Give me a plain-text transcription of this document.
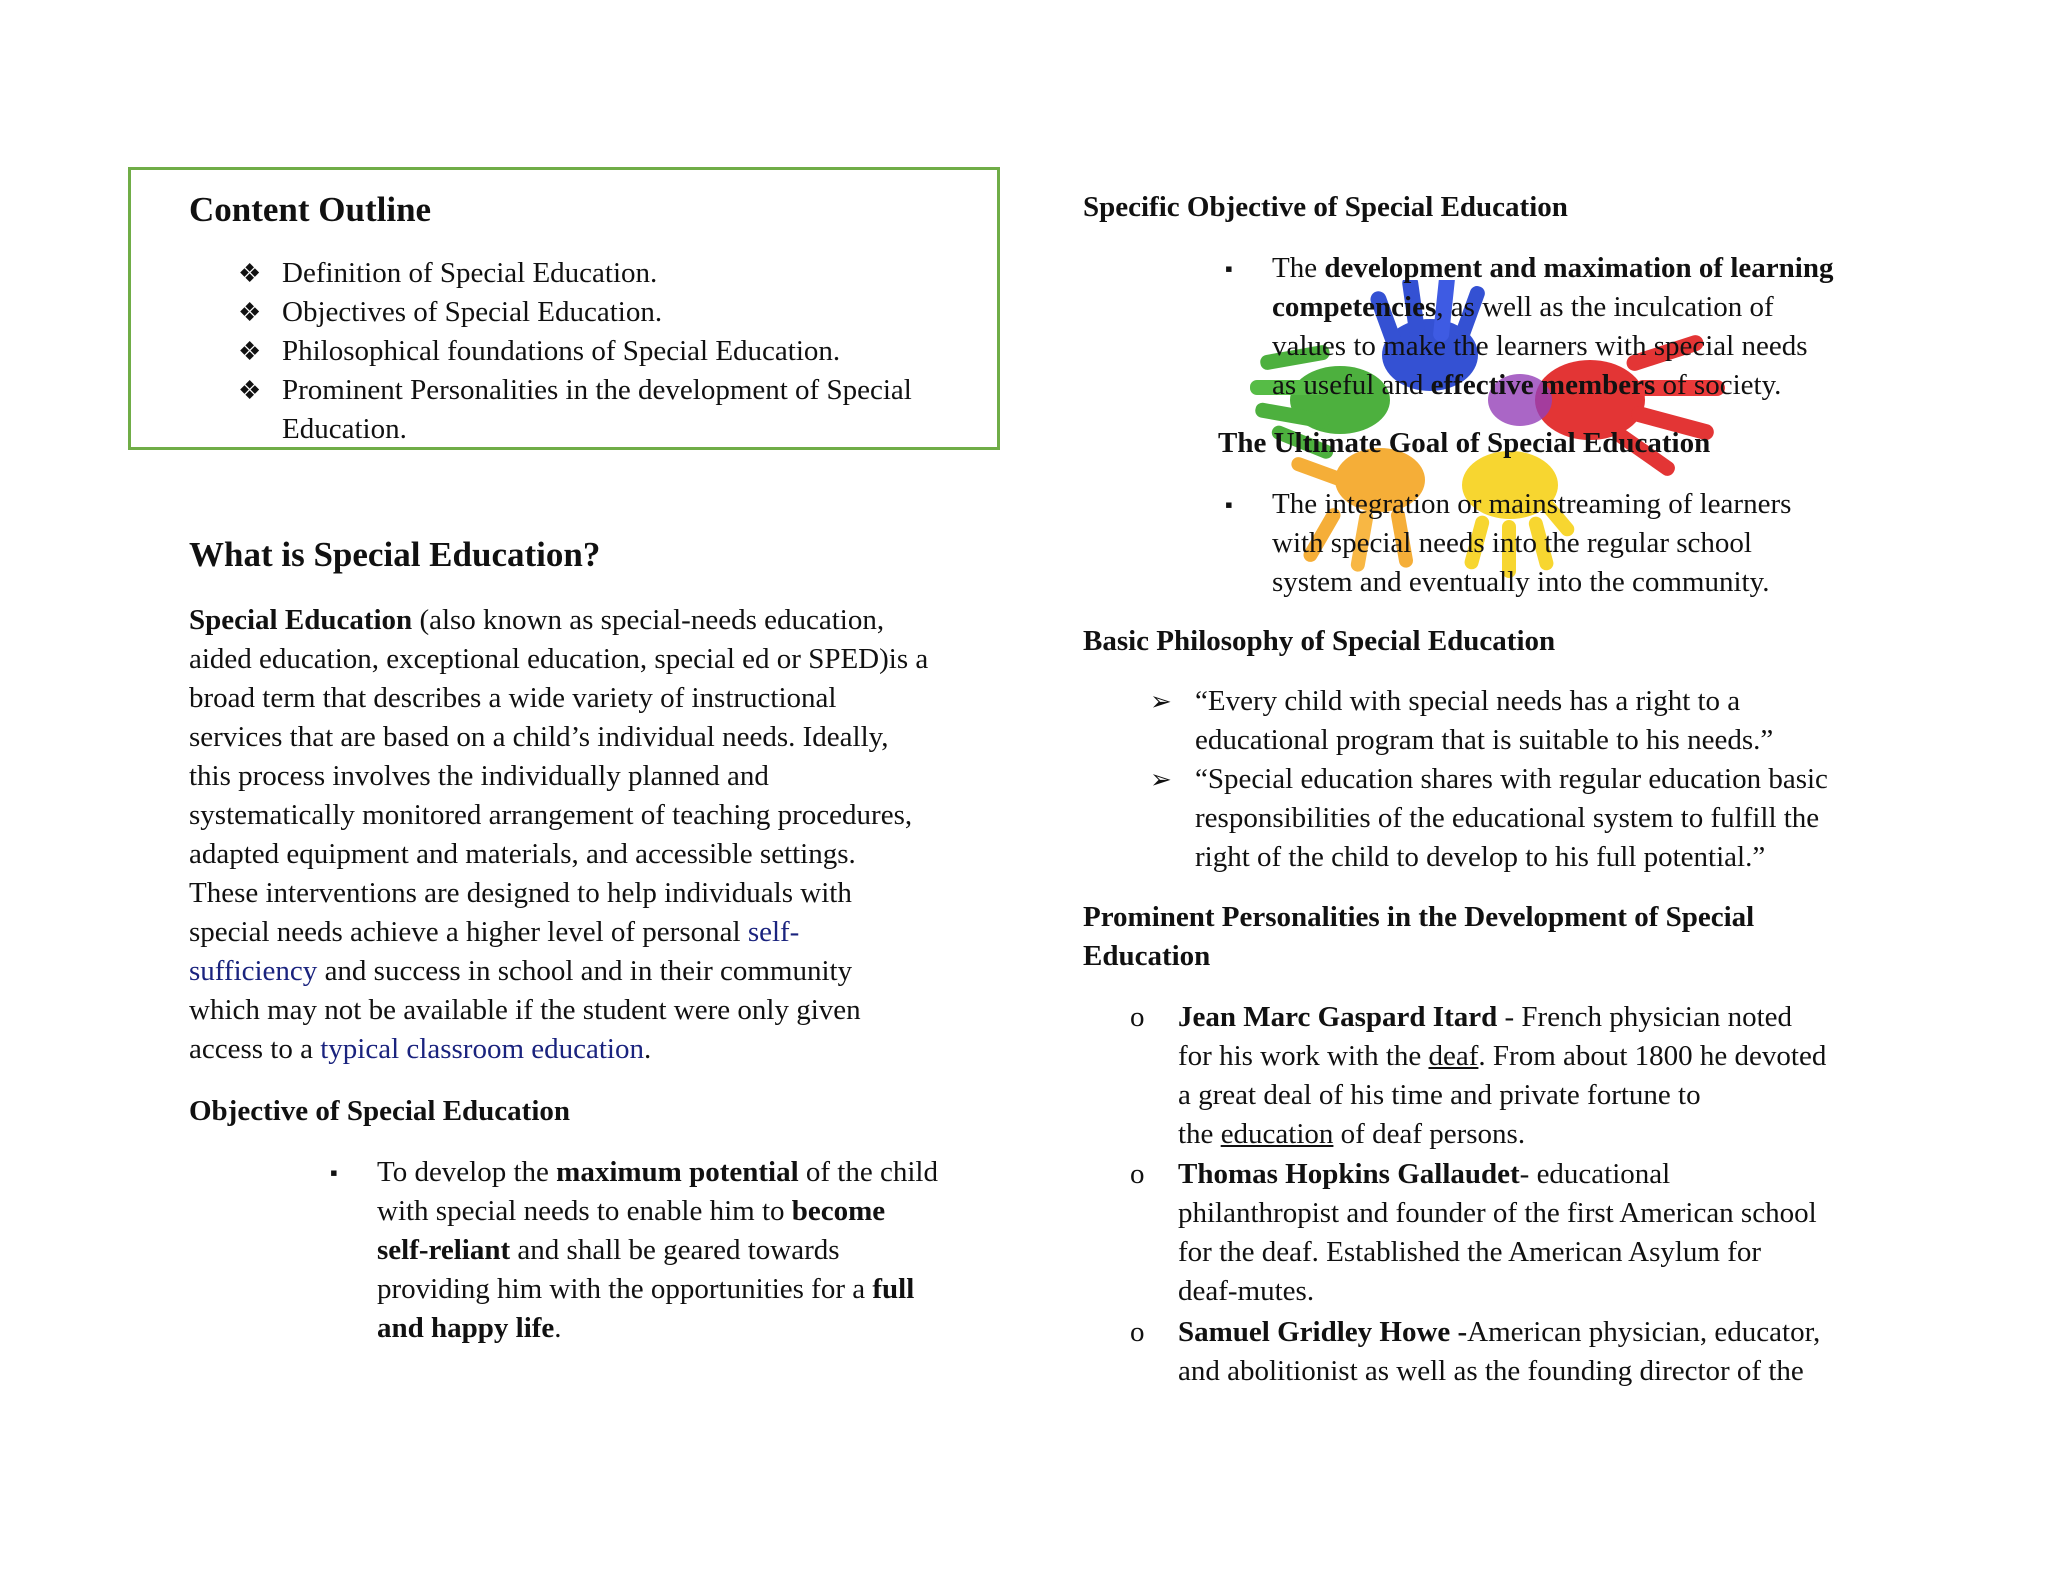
Content Outline
❖ Definition of Special Education.
❖ Objectives of Special Education.
❖ Philosophical foundations of Special Education.
❖ Prominent Personalities in the development of Special
Education.
What is Special Education?
Special Education (also known as special-needs education,
aided education, exceptional education, special ed or SPED)is a
broad term that describes a wide variety of instructional
services that are based on a child’s individual needs. Ideally,
this process involves the individually planned and
systematically monitored arrangement of teaching procedures,
adapted equipment and materials, and accessible settings.
These interventions are designed to help individuals with
special needs achieve a higher level of personal self-
sufficiency and success in school and in their community
which may not be available if the student were only given
access to a typical classroom education.
Objective of Special Education
▪ To develop the maximum potential of the child
with special needs to enable him to become
self-reliant and shall be geared towards
providing him with the opportunities for a full
and happy life.
Specific Objective of Special Education
▪ The development and maximation of learning
competencies, as well as the inculcation of
values to make the learners with special needs
as useful and effective members of society.
The Ultimate Goal of Special Education
▪ The integration or mainstreaming of learners
with special needs into the regular school
system and eventually into the community.
Basic Philosophy of Special Education
➢ “Every child with special needs has a right to a
educational program that is suitable to his needs.”
➢ “Special education shares with regular education basic
responsibilities of the educational system to fulfill the
right of the child to develop to his full potential.”
Prominent Personalities in the Development of Special
Education
o Jean Marc Gaspard Itard - French physician noted
for his work with the deaf. From about 1800 he devoted
a great deal of his time and private fortune to
the education of deaf persons.
o Thomas Hopkins Gallaudet- educational
philanthropist and founder of the first American school
for the deaf. Established the American Asylum for
deaf-mutes.
o Samuel Gridley Howe -American physician, educator,
and abolitionist as well as the founding director of the
